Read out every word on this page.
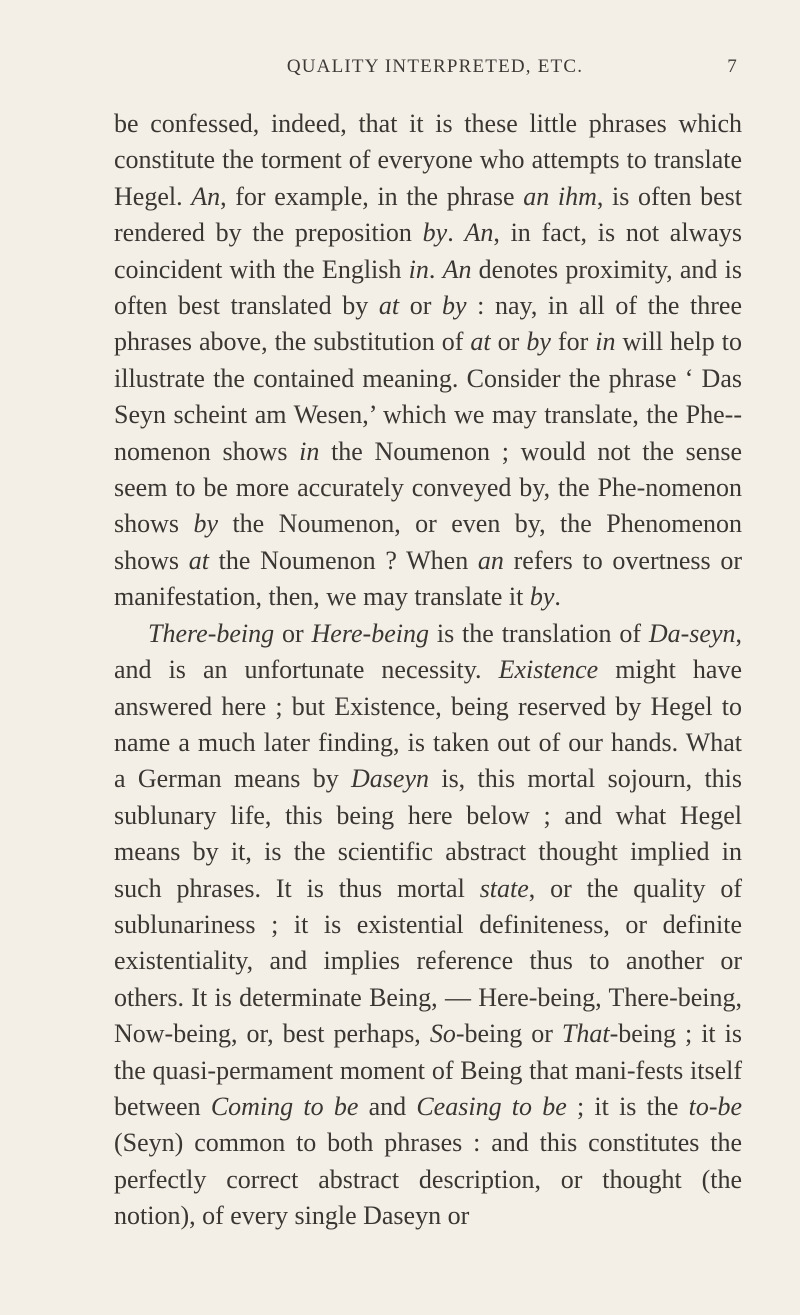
QUALITY INTERPRETED, ETC.	7

be confessed, indeed, that it is these little phrases which constitute the torment of everyone who attempts to translate Hegel. An, for example, in the phrase an ihm, is often best rendered by the preposition by. An, in fact, is not always coincident with the English in. An denotes proximity, and is often best translated by at or by : nay, in all of the three phrases above, the substitution of at or by for in will help to illustrate the contained meaning. Consider the phrase ‘ Das Seyn scheint am Wesen,’ which we may translate, the Phe-nomenon shows in the Noumenon ; would not the sense seem to be more accurately conveyed by, the Phe-nomenon shows by the Noumenon, or even by, the Phenomenon shows at the Noumenon ? When an refers to overtness or manifestation, then, we may translate it by.

There-being or Here-being is the translation of Da-seyn, and is an unfortunate necessity. Existence might have answered here ; but Existence, being reserved by Hegel to name a much later finding, is taken out of our hands. What a German means by Daseyn is, this mortal sojourn, this sublunary life, this being here below ; and what Hegel means by it, is the scientific abstract thought implied in such phrases. It is thus mortal state, or the quality of sublunariness ; it is existential definiteness, or definite existentiality, and implies reference thus to another or others. It is determinate Being, — Here-being, There-being, Now-being, or, best perhaps, So-being or That-being ; it is the quasi-permament moment of Being that mani-fests itself between Coming to be and Ceasing to be ; it is the to-be (Seyn) common to both phrases : and this constitutes the perfectly correct abstract description, or thought (the notion), of every single Daseyn or
